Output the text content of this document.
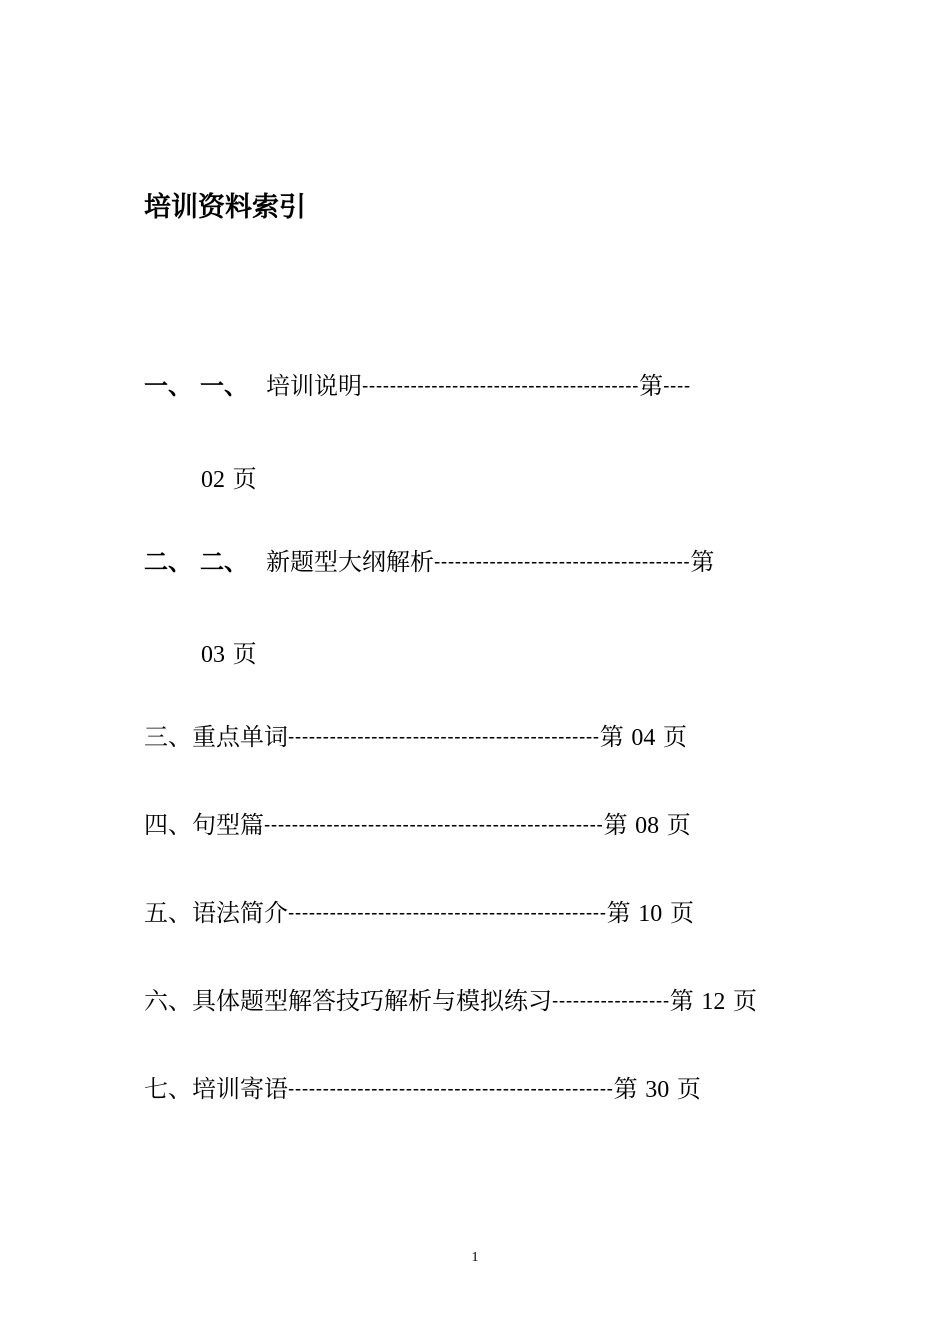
培训资料索引
一、 一、 培训说明----------------------------------------第----
02 页
二、 二、 新题型大纲解析-------------------------------------第
03 页
三、重点单词---------------------------------------------第 04 页
四、句型篇-------------------------------------------------第 08 页
五、语法简介----------------------------------------------第 10 页
六、具体题型解答技巧解析与模拟练习-----------------第 12 页
七、培训寄语-----------------------------------------------第 30 页
1
